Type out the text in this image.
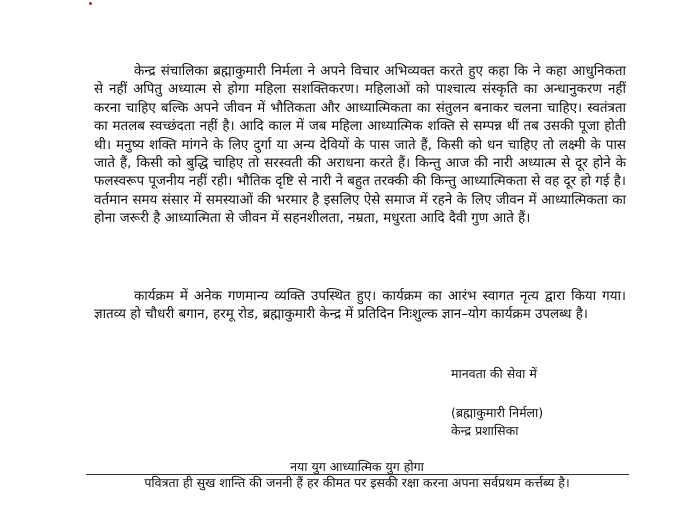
केन्द्र संचालिका ब्रह्माकुमारी निर्मला ने अपने विचार अभिव्यक्त करते हुए कहा कि ने कहा आधुनिकता से नहीं अपितु अध्यात्म से होगा महिला सशक्तिकरण। महिलाओं को पाश्चात्य संस्कृति का अन्धानुकरण नहीं करना चाहिए बल्कि अपने जीवन में भौतिकता और आध्यात्मिकता का संतुलन बनाकर चलना चाहिए। स्वतंत्रता का मतलब स्वच्छंदता नहीं है। आदि काल में जब महिला आध्यात्मिक शक्ति से सम्पन्न थीं तब उसकी पूजा होती थी। मनुष्य शक्ति मांगने के लिए दुर्गा या अन्य देवियों के पास जाते हैं, किसी को धन चाहिए तो लक्ष्मी के पास जाते हैं, किसी को बुद्धि चाहिए तो सरस्वती की अराधना करते हैं। किन्तु आज की नारी अध्यात्म से दूर होने के फलस्वरूप पूजनीय नहीं रही। भौतिक दृष्टि से नारी ने बहुत तरक्की की किन्तु आध्यात्मिकता से वह दूर हो गई है। वर्तमान समय संसार में समस्याओं की भरमार है इसलिए ऐसे समाज में रहने के लिए जीवन में आध्यात्मिकता का होना जरूरी है आध्यात्मिता से जीवन में सहनशीलता, नम्रता, मधुरता आदि दैवी गुण आते हैं।

कार्यक्रम में अनेक गणमान्य व्यक्ति उपस्थित हुए। कार्यक्रम का आरंभ स्वागत नृत्य द्वारा किया गया। ज्ञातव्य हो चौधरी बगान, हरमू रोड, ब्रह्माकुमारी केन्द्र में प्रतिदिन निःशुल्क ज्ञान–योग कार्यक्रम उपलब्ध है।

मानवता की सेवा में
(ब्रह्माकुमारी निर्मला)
केन्द्र प्रशासिका
नया युग आध्यात्मिक युग होगा
पवित्रता ही सुख शान्ति की जननी हैं हर कीमत पर इसकी रक्षा करना अपना सर्वप्रथम कर्त्तब्य है।
